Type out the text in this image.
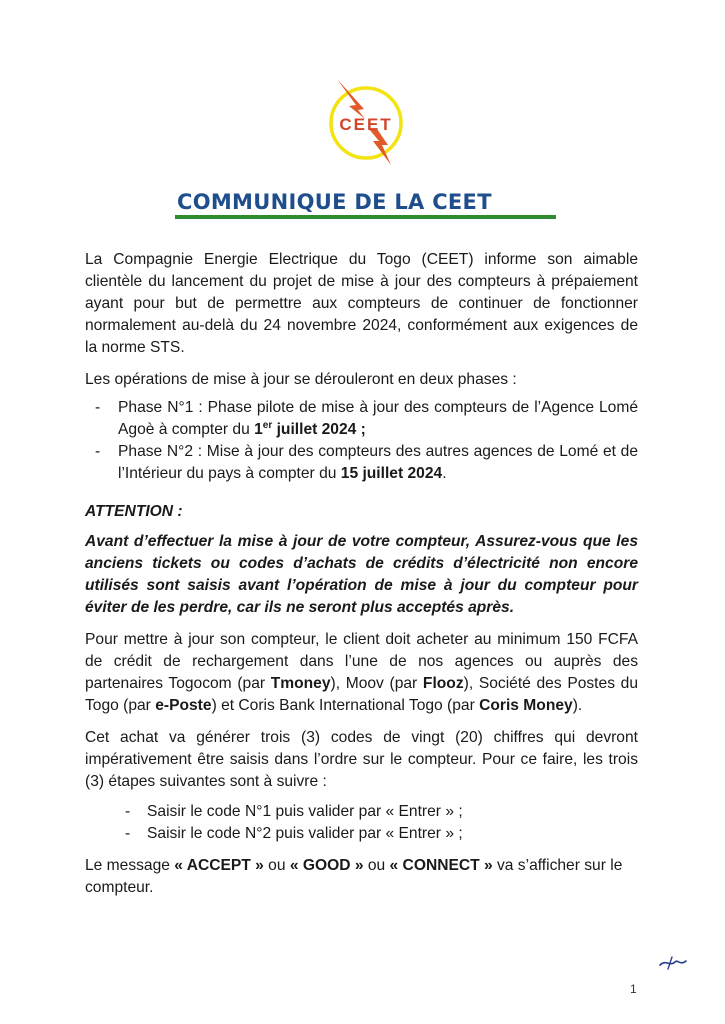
CEET
COMMUNIQUE DE LA CEET

La Compagnie Energie Electrique du Togo (CEET) informe son aimable clientèle du lancement du projet de mise à jour des compteurs à prépaiement ayant pour but de permettre aux compteurs de continuer de fonctionner normalement au-delà du 24 novembre 2024, conformément aux exigences de la norme STS.

Les opérations de mise à jour se dérouleront en deux phases :

- Phase N°1 : Phase pilote de mise à jour des compteurs de l’Agence Lomé Agoè à compter du 1er juillet 2024 ;
- Phase N°2 : Mise à jour des compteurs des autres agences de Lomé et de l’Intérieur du pays à compter du 15 juillet 2024.

ATTENTION :

Avant d’effectuer la mise à jour de votre compteur, Assurez-vous que les anciens tickets ou codes d’achats de crédits d’électricité non encore utilisés sont saisis avant l’opération de mise à jour du compteur pour éviter de les perdre, car ils ne seront plus acceptés après.

Pour mettre à jour son compteur, le client doit acheter au minimum 150 FCFA de crédit de rechargement dans l’une de nos agences ou auprès des partenaires Togocom (par Tmoney), Moov (par Flooz), Société des Postes du Togo (par e-Poste) et Coris Bank International Togo (par Coris Money).

Cet achat va générer trois (3) codes de vingt (20) chiffres qui devront impérativement être saisis dans l’ordre sur le compteur. Pour ce faire, les trois (3) étapes suivantes sont à suivre :

- Saisir le code N°1 puis valider par « Entrer » ;
- Saisir le code N°2 puis valider par « Entrer » ;

Le message « ACCEPT » ou « GOOD » ou « CONNECT » va s’afficher sur le compteur.

1
